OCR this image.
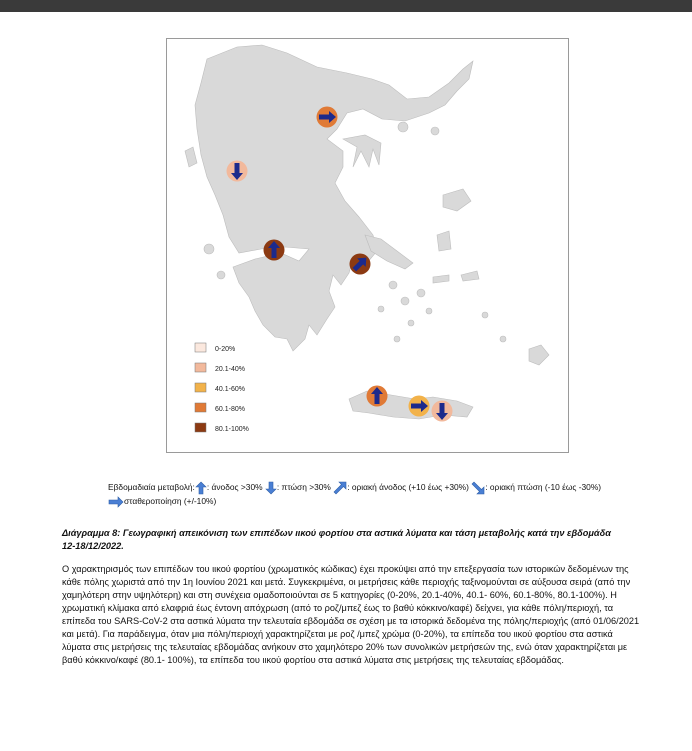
0-20%
20.1-40%
40.1-60%
60.1-80%
80.1-100%
Εβδομαδιαία μεταβολή: : άνοδος >30% : πτώση >30% : οριακή άνοδος (+10 έως +30%) : οριακή πτώση (-10 έως -30%) σταθεροποίηση (+/-10%)
Διάγραμμα 8: Γεωγραφική απεικόνιση των επιπέδων ιικού φορτίου στα αστικά λύματα και τάση μεταβολής κατά την εβδομάδα 12-18/12/2022.
Ο χαρακτηρισμός των επιπέδων του ιικού φορτίου (χρωματικός κώδικας) έχει προκύψει από την επεξεργασία των ιστορικών δεδομένων της κάθε πόλης χωριστά από την 1η Ιουνίου 2021 και μετά. Συγκεκριμένα, οι μετρήσεις κάθε περιοχής ταξινομούνται σε αύξουσα σειρά (από την χαμηλότερη στην υψηλότερη) και στη συνέχεια ομαδοποιούνται σε 5 κατηγορίες (0-20%, 20.1-40%, 40.1- 60%, 60.1-80%, 80.1-100%). Η χρωματική κλίμακα από ελαφριά έως έντονη απόχρωση (από το ροζ/μπεζ έως το βαθύ κόκκινο/καφέ) δείχνει, για κάθε πόλη/περιοχή, τα επίπεδα του SARS-CoV-2 στα αστικά λύματα την τελευταία εβδομάδα σε σχέση με τα ιστορικά δεδομένα της πόλης/περιοχής (από 01/06/2021 και μετά). Για παράδειγμα, όταν μια πόλη/περιοχή χαρακτηρίζεται με ροζ /μπεζ χρώμα (0-20%), τα επίπεδα του ιικού φορτίου στα αστικά λύματα στις μετρήσεις της τελευταίας εβδομάδας ανήκουν στο χαμηλότερο 20% των συνολικών μετρήσεών της, ενώ όταν χαρακτηρίζεται με βαθύ κόκκινο/καφέ (80.1- 100%), τα επίπεδα του ιικού φορτίου στα αστικά λύματα στις μετρήσεις της τελευταίας εβδομάδας.
